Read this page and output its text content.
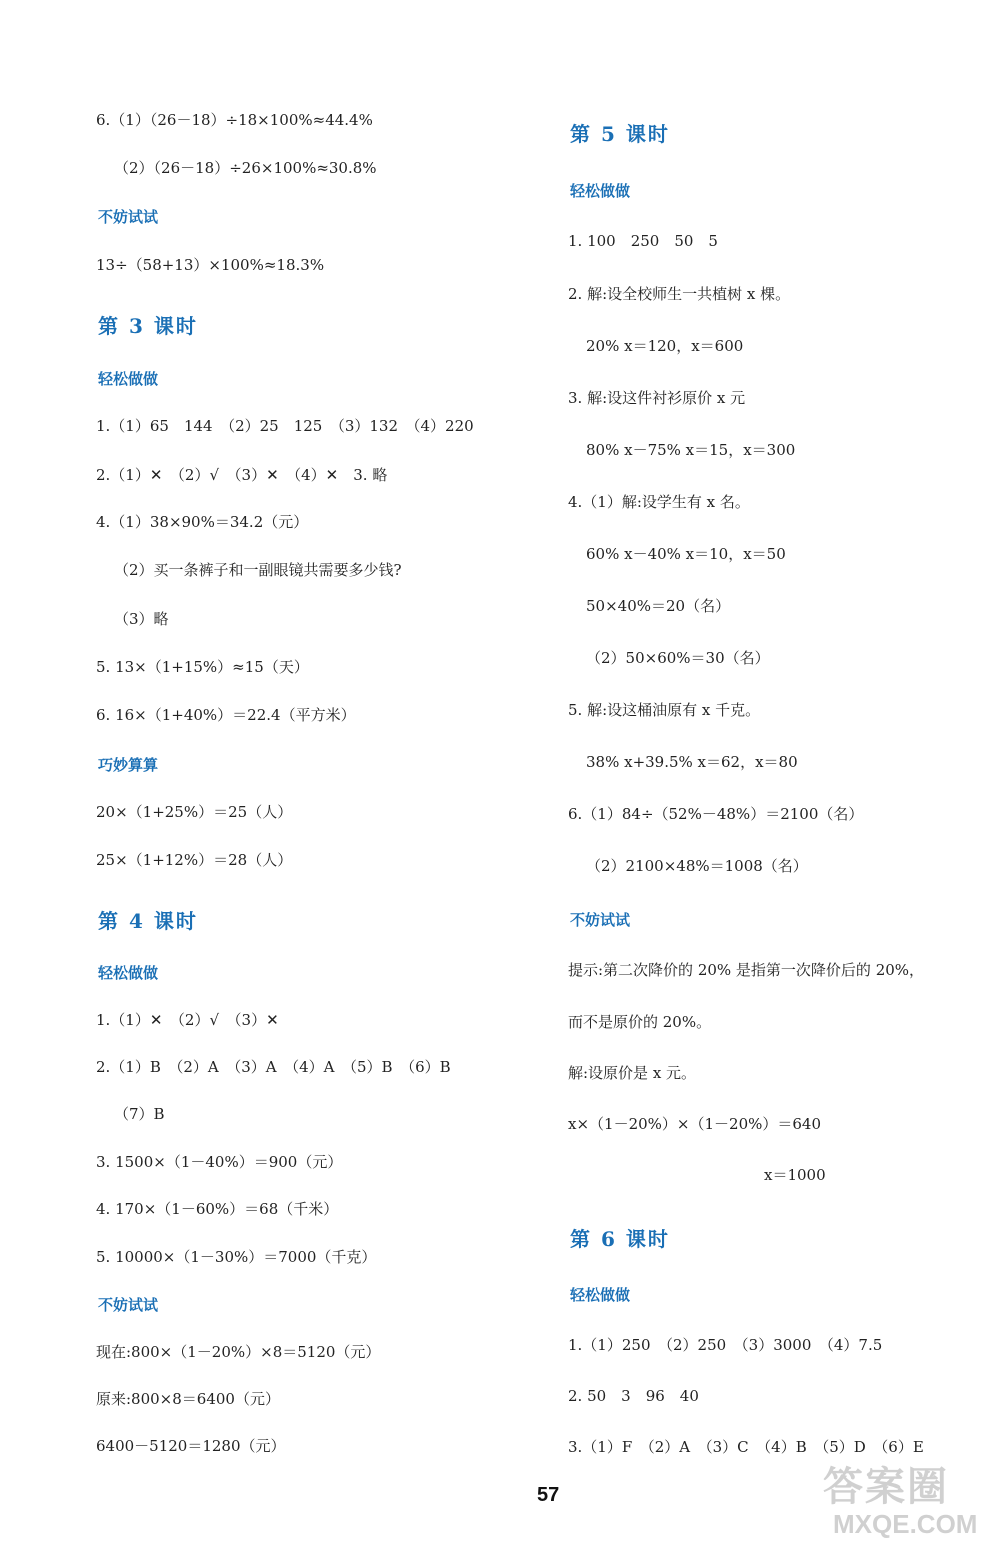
6.（1）（26－18）÷18×100%≈44.4%
（2）（26－18）÷26×100%≈30.8%
不妨试试
13÷（58+13）×100%≈18.3%
第 3 课时
轻松做做
1.（1）65　144　（2）25　125　（3）132　（4）220
2.（1）✕　（2）√　（3）✕　（4）✕　3. 略
4.（1）38×90%＝34.2（元）
（2）买一条裤子和一副眼镜共需要多少钱?
（3）略
5. 13×（1+15%）≈15（天）
6. 16×（1+40%）＝22.4（平方米）
巧妙算算
20×（1+25%）＝25（人）
25×（1+12%）＝28（人）
第 4 课时
轻松做做
1.（1）✕　（2）√　（3）✕
2.（1）B　（2）A　（3）A　（4）A　（5）B　（6）B
（7）B
3. 1500×（1－40%）＝900（元）
4. 170×（1－60%）＝68（千米）
5. 10000×（1－30%）＝7000（千克）
不妨试试
现在:800×（1－20%）×8＝5120（元）
原来:800×8＝6400（元）
6400－5120＝1280（元）
第 5 课时
轻松做做
1. 100　250　50　5
2. 解:设全校师生一共植树 x 棵。
20% x＝120，x＝600
3. 解:设这件衬衫原价 x 元
80% x－75% x＝15，x＝300
4.（1）解:设学生有 x 名。
60% x－40% x＝10，x＝50
50×40%＝20（名）
（2）50×60%＝30（名）
5. 解:设这桶油原有 x 千克。
38% x+39.5% x＝62，x＝80
6.（1）84÷（52%－48%）＝2100（名）
（2）2100×48%＝1008（名）
不妨试试
提示:第二次降价的 20% 是指第一次降价后的 20%，
而不是原价的 20%。
解:设原价是 x 元。
x×（1－20%）×（1－20%）＝640
x＝1000
第 6 课时
轻松做做
1.（1）250　（2）250　（3）3000　（4）7.5
2. 50　3　96　40
3.（1）F　（2）A　（3）C　（4）B　（5）D　（6）E
57	答案圈
MXQE.COM
